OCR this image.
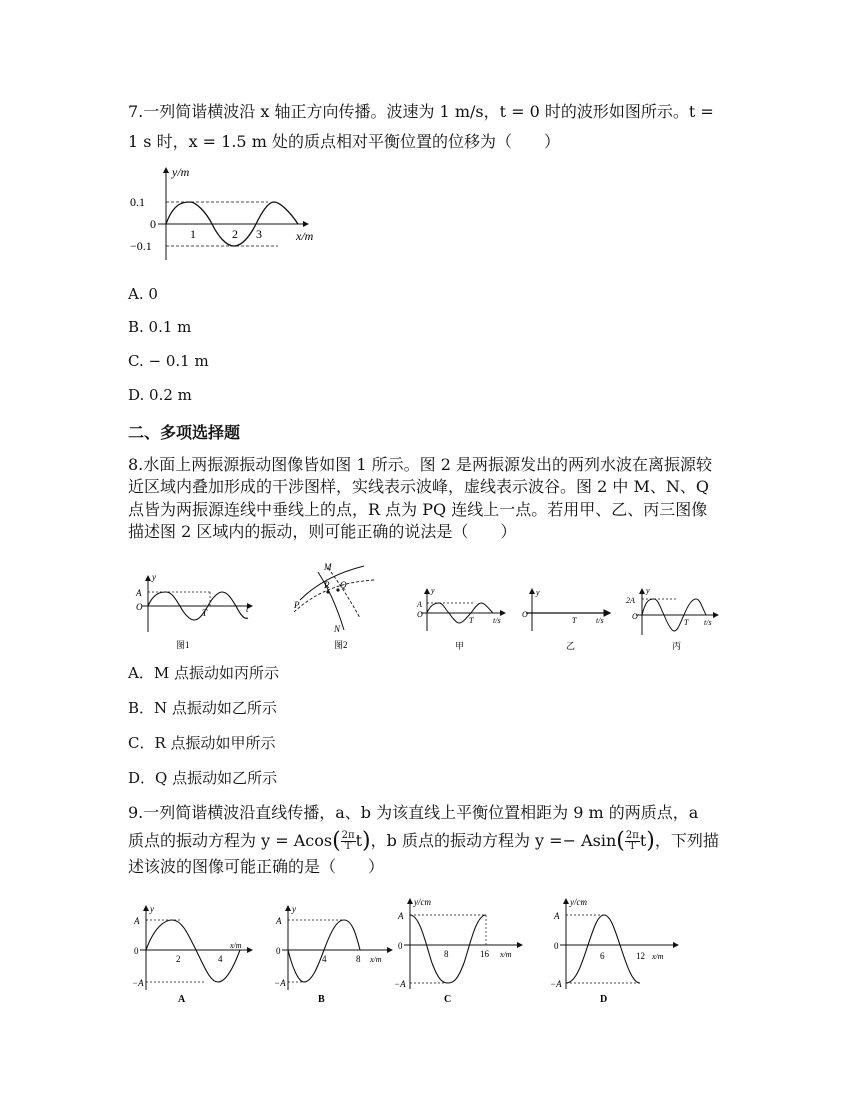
7.一列简谐横波沿 x 轴正方向传播。波速为 1 m/s，t = 0 时的波形如图所示。t =
1 s 时，x = 1.5 m 处的质点相对平衡位置的位移为（　　）
y/m
0.1
0
−0.1
1	2 3	x/m
A. 0
B. 0.1 m
C. − 0.1 m
D. 0.2 m
二、多项选择题
8.水面上两振源振动图像皆如图 1 所示。图 2 是两振源发出的两列水波在离振源较
近区域内叠加形成的干涉图样，实线表示波峰，虚线表示波谷。图 2 中 M、N、Q
点皆为两振源连线中垂线上的点，R 点为 PQ 连线上一点。若用甲、乙、丙三图像
描述图 2 区域内的振动，则可能正确的说法是（　　）
y
A
O
T	t
图1
M
R Q
P
N
图2
y
A
O
T t/s
甲
y
O
T t/s
乙
y
2A
O
T t/s
丙
A．M 点振动如丙所示
B．N 点振动如乙所示
C．R 点振动如甲所示
D．Q 点振动如乙所示
9.一列简谐横波沿直线传播，a、b 为该直线上平衡位置相距为 9 m 的两质点，a
质点的振动方程为 $y = Acos( \frac{2\pi}{T} t)$，b 质点的振动方程为 $y =- Asin( \frac{2\pi}{T} t)$，下列描
述该波的图像可能正确的是（　　）
y
A
0
−A
2	4
x/m
A
y
A
0
−A
4	8 x/m
B
y/cm
A
0
−A
8	16 x/m
C
y/cm
A
0
−A
6	12 x/m
D
